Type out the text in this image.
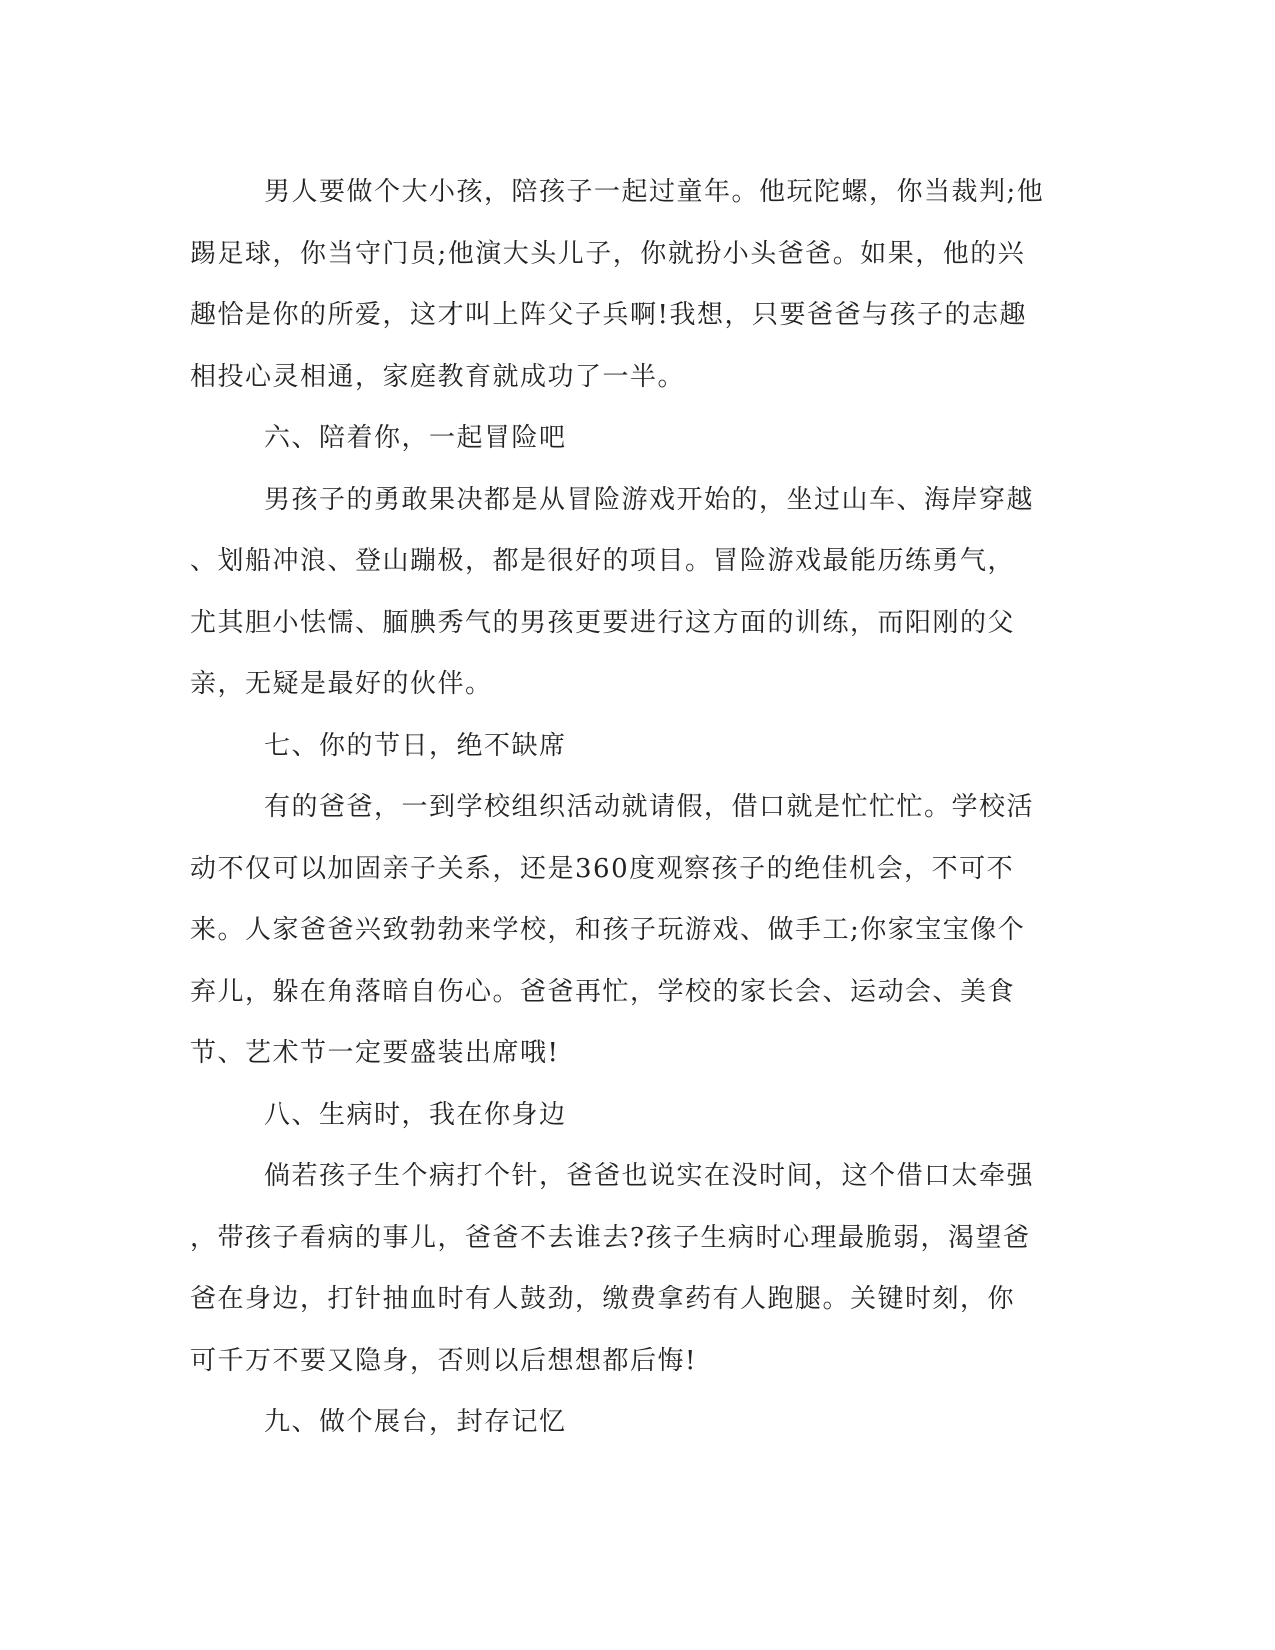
男人要做个大小孩，陪孩子一起过童年。他玩陀螺，你当裁判;他
踢足球，你当守门员;他演大头儿子，你就扮小头爸爸。如果，他的兴
趣恰是你的所爱，这才叫上阵父子兵啊!我想，只要爸爸与孩子的志趣
相投心灵相通，家庭教育就成功了一半。
六、陪着你，一起冒险吧
男孩子的勇敢果决都是从冒险游戏开始的，坐过山车、海岸穿越
、划船冲浪、登山蹦极，都是很好的项目。冒险游戏最能历练勇气，
尤其胆小怯懦、腼腆秀气的男孩更要进行这方面的训练，而阳刚的父
亲，无疑是最好的伙伴。
七、你的节日，绝不缺席
有的爸爸，一到学校组织活动就请假，借口就是忙忙忙。学校活
动不仅可以加固亲子关系，还是360度观察孩子的绝佳机会，不可不
来。人家爸爸兴致勃勃来学校，和孩子玩游戏、做手工;你家宝宝像个
弃儿，躲在角落暗自伤心。爸爸再忙，学校的家长会、运动会、美食
节、艺术节一定要盛装出席哦!
八、生病时，我在你身边
倘若孩子生个病打个针，爸爸也说实在没时间，这个借口太牵强
，带孩子看病的事儿，爸爸不去谁去?孩子生病时心理最脆弱，渴望爸
爸在身边，打针抽血时有人鼓劲，缴费拿药有人跑腿。关键时刻，你
可千万不要又隐身，否则以后想想都后悔!
九、做个展台，封存记忆
